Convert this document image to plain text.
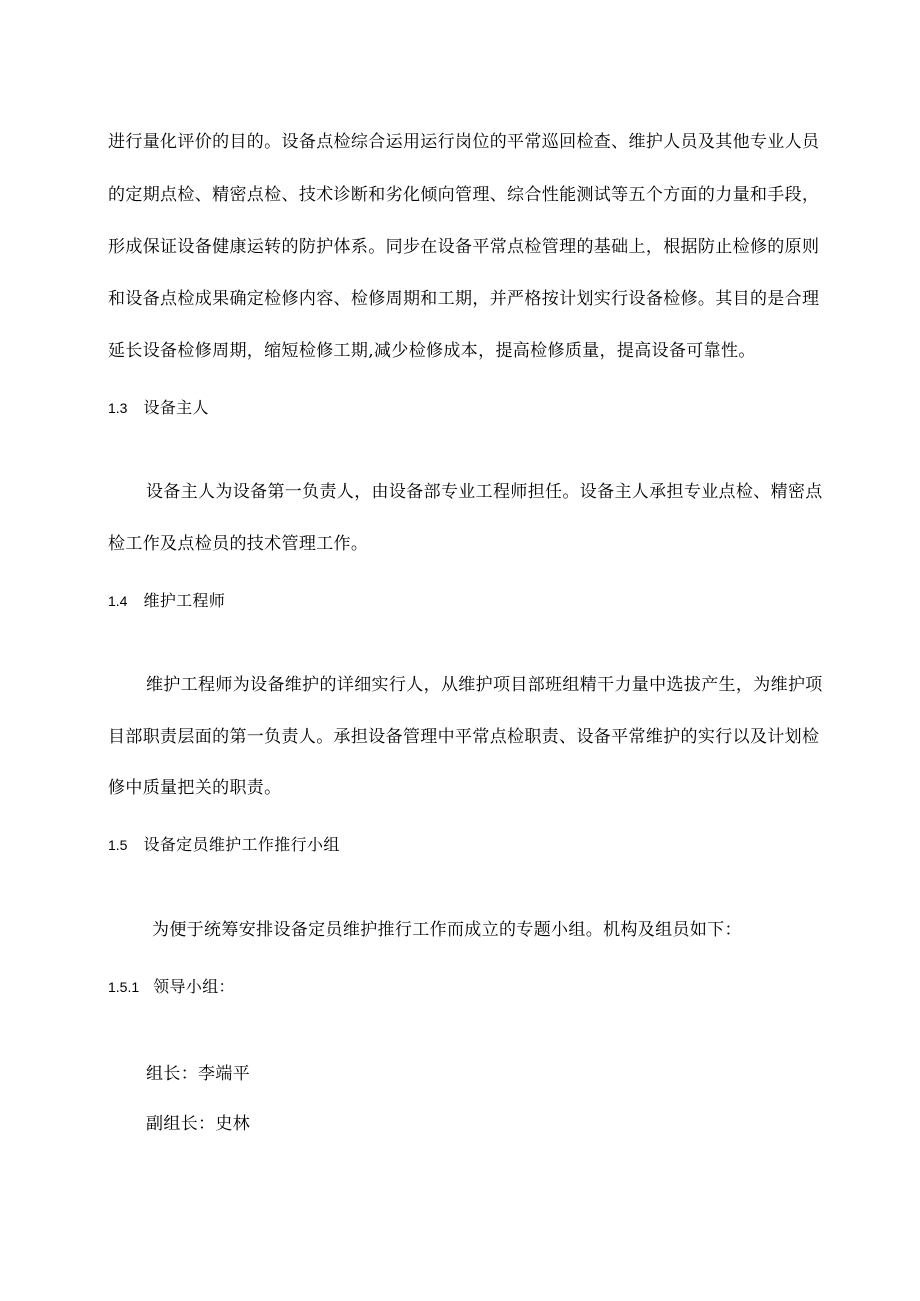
进行量化评价的目的。设备点检综合运用运行岗位的平常巡回检查、维护人员及其他专业人员
的定期点检、精密点检、技术诊断和劣化倾向管理、综合性能测试等五个方面的力量和手段，
形成保证设备健康运转的防护体系。同步在设备平常点检管理的基础上，根据防止检修的原则
和设备点检成果确定检修内容、检修周期和工期，并严格按计划实行设备检修。其目的是合理
延长设备检修周期，缩短检修工期,减少检修成本，提高检修质量，提高设备可靠性。
1.3 设备主人
设备主人为设备第一负责人，由设备部专业工程师担任。设备主人承担专业点检、精密点
检工作及点检员的技术管理工作。
1.4 维护工程师
维护工程师为设备维护的详细实行人，从维护项目部班组精干力量中选拔产生，为维护项
目部职责层面的第一负责人。承担设备管理中平常点检职责、设备平常维护的实行以及计划检
修中质量把关的职责。
1.5 设备定员维护工作推行小组
为便于统筹安排设备定员维护推行工作而成立的专题小组。机构及组员如下：
1.5.1 领导小组：
组长：李端平
副组长：史林
